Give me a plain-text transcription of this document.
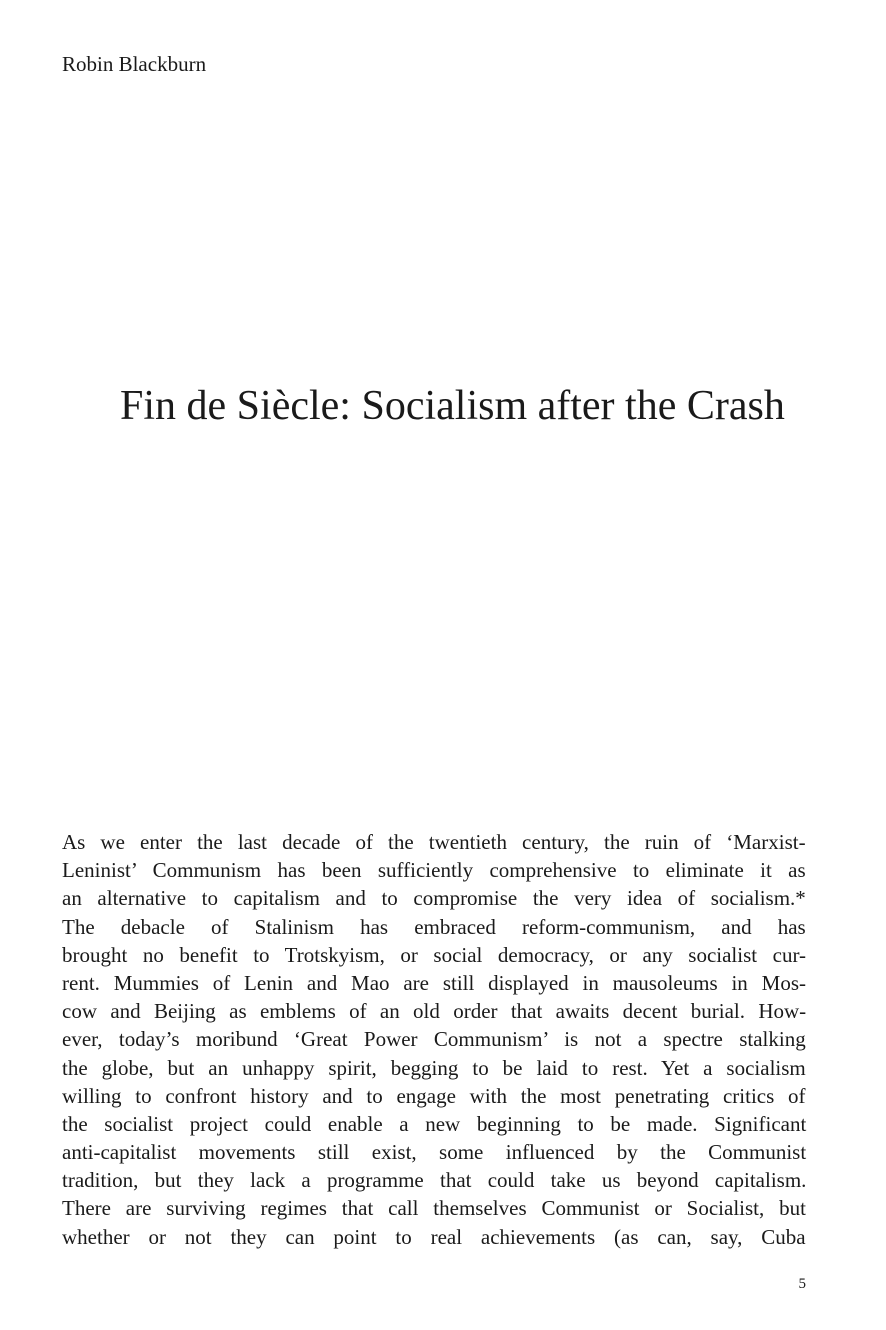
Robin Blackburn
Fin de Siècle: Socialism after the Crash
As we enter the last decade of the twentieth century, the ruin of ‘Marxist-
Leninist’ Communism has been sufficiently comprehensive to eliminate it as
an alternative to capitalism and to compromise the very idea of socialism.*
The debacle of Stalinism has embraced reform-communism, and has
brought no benefit to Trotskyism, or social democracy, or any socialist cur-
rent. Mummies of Lenin and Mao are still displayed in mausoleums in Mos-
cow and Beijing as emblems of an old order that awaits decent burial. How-
ever, today’s moribund ‘Great Power Communism’ is not a spectre stalking
the globe, but an unhappy spirit, begging to be laid to rest. Yet a socialism
willing to confront history and to engage with the most penetrating critics of
the socialist project could enable a new beginning to be made. Significant
anti-capitalist movements still exist, some influenced by the Communist
tradition, but they lack a programme that could take us beyond capitalism.
There are surviving regimes that call themselves Communist or Socialist, but
whether or not they can point to real achievements (as can, say, Cuba
5
